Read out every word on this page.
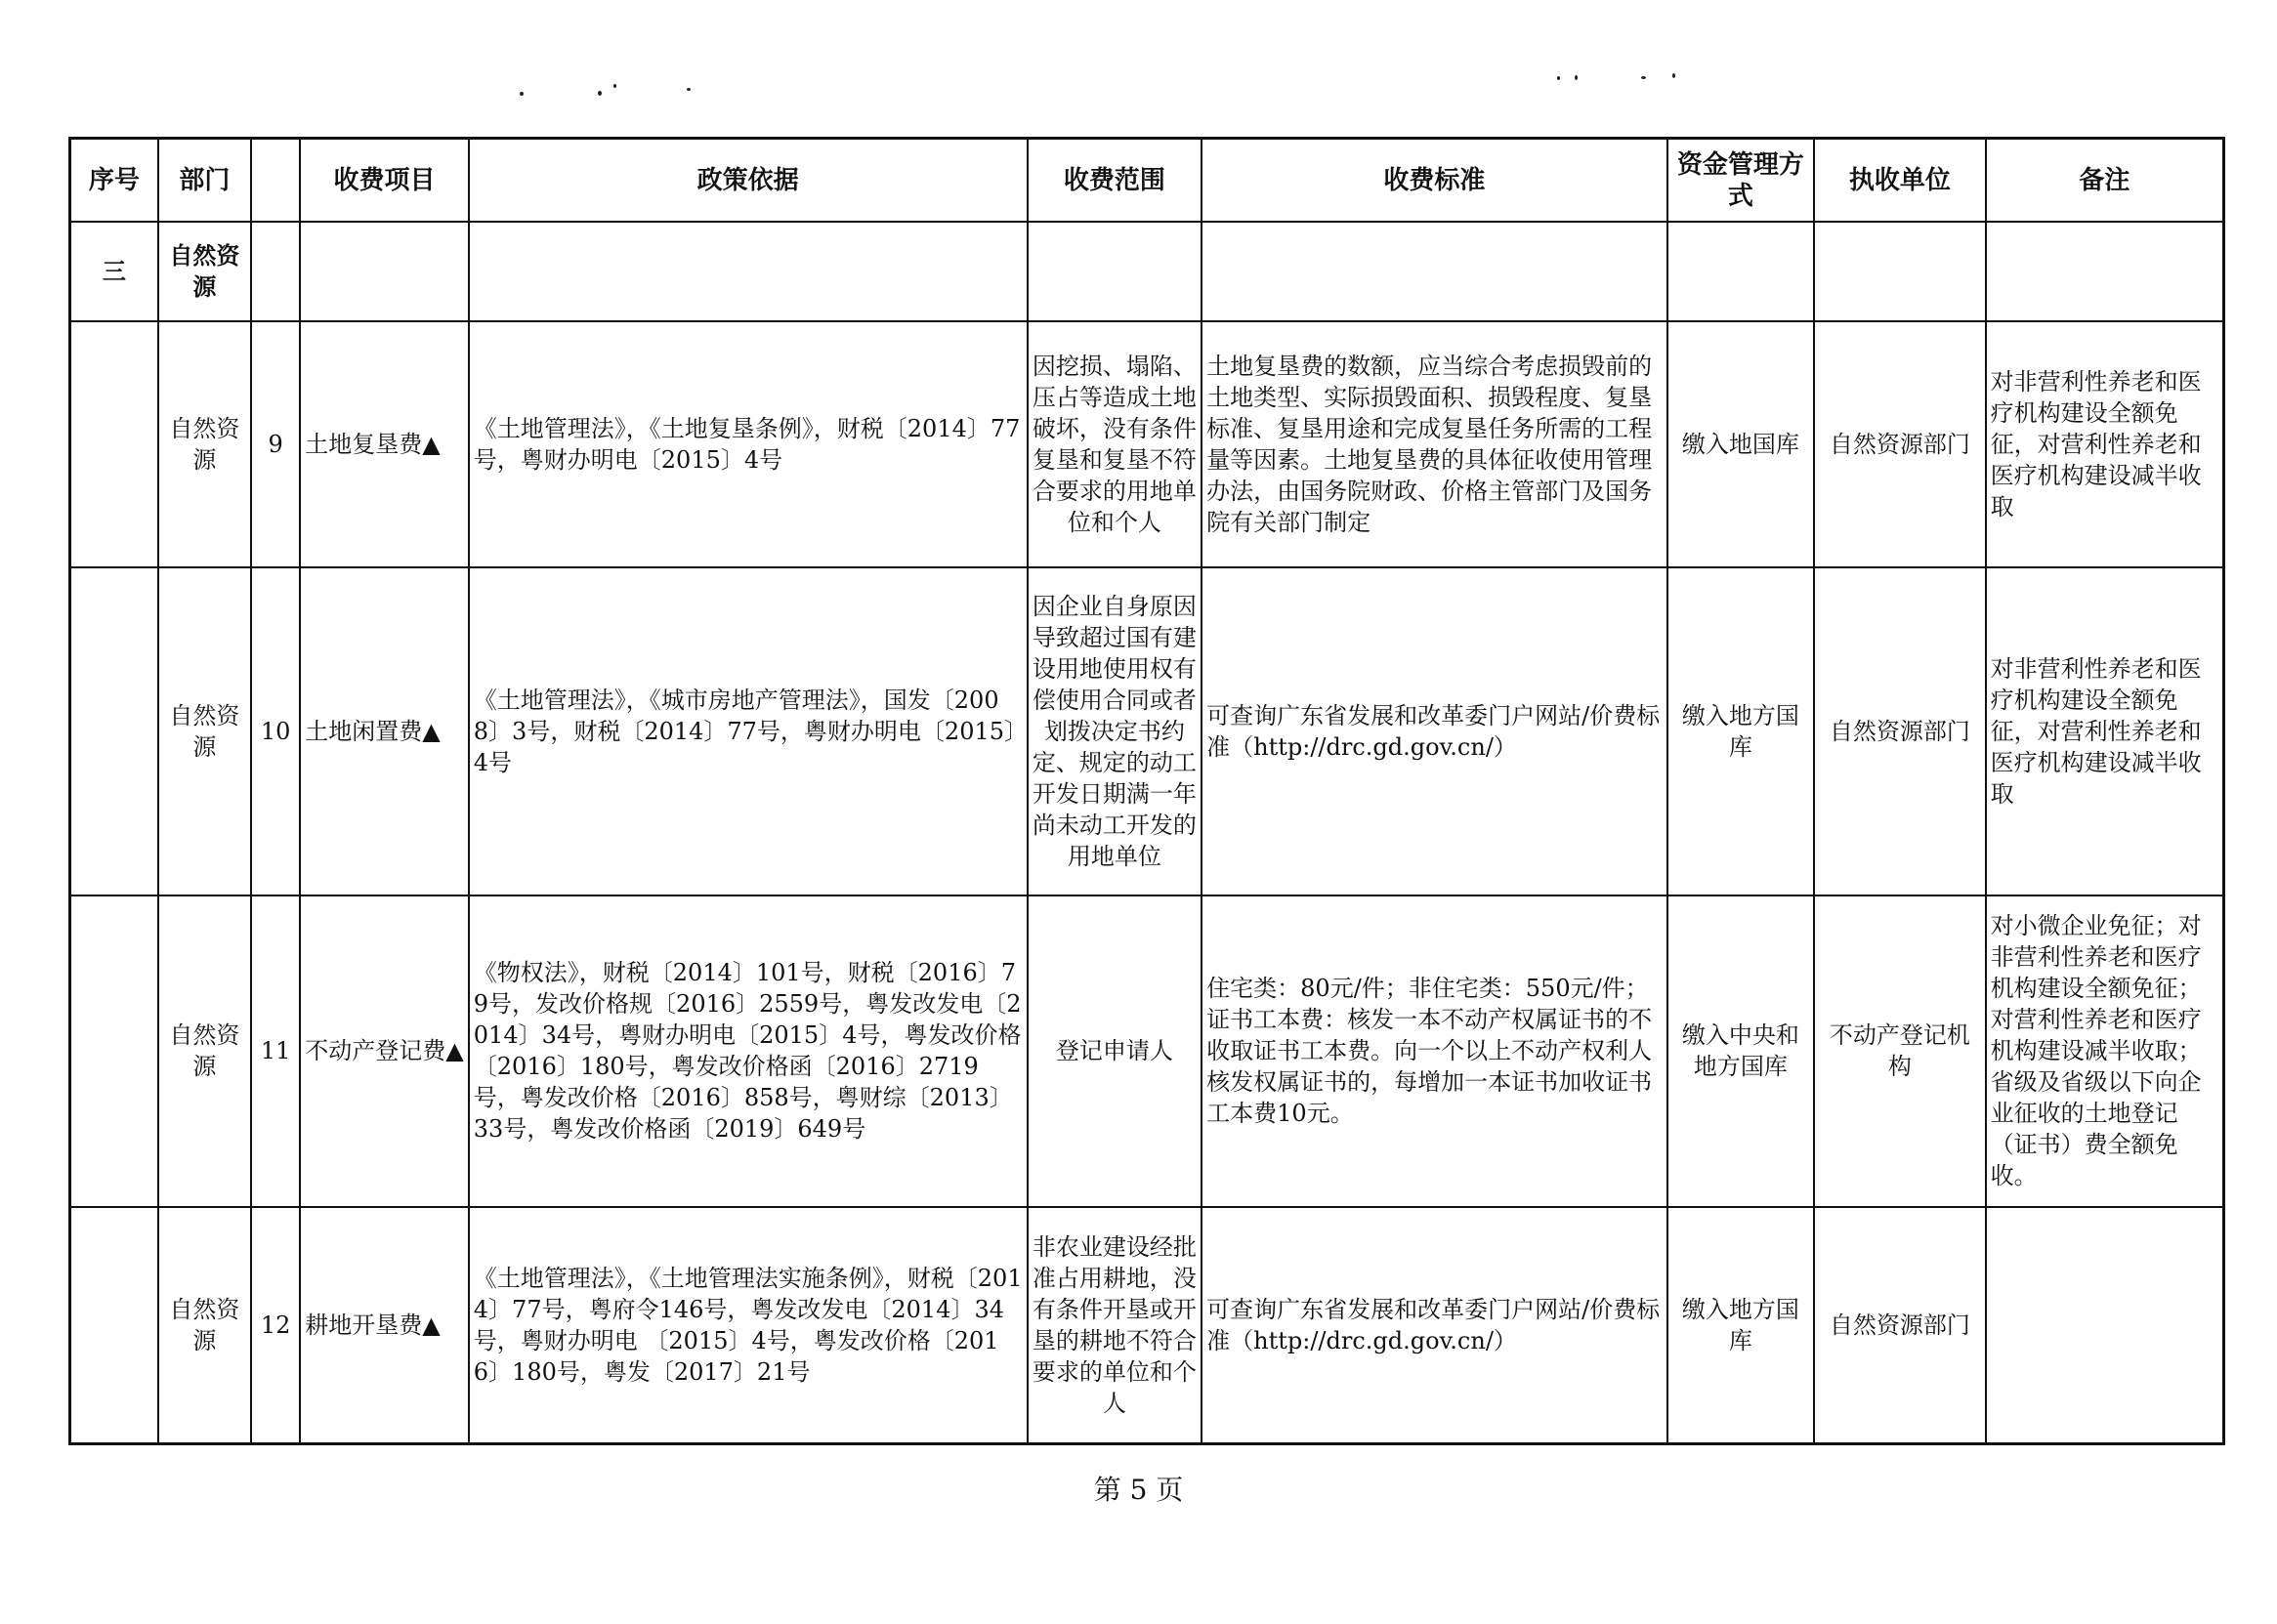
序号	部门		收费项目	政策依据	收费范围	收费标准	资金管理方式	执收单位	备注
三	自然资源								
	自然资源	9	土地复垦费▲	《土地管理法》，《土地复垦条例》，财税〔2014〕77号，粤财办明电〔2015〕4号	因挖损、塌陷、压占等造成土地破坏，没有条件复垦和复垦不符合要求的用地单位和个人	土地复垦费的数额，应当综合考虑损毁前的土地类型、实际损毁面积、损毁程度、复垦标准、复垦用途和完成复垦任务所需的工程量等因素。土地复垦费的具体征收使用管理办法，由国务院财政、价格主管部门及国务院有关部门制定	缴入地国库	自然资源部门	对非营利性养老和医疗机构建设全额免征，对营利性养老和医疗机构建设减半收取
	自然资源	10	土地闲置费▲	《土地管理法》，《城市房地产管理法》，国发〔2008〕3号，财税〔2014〕77号，粤财办明电〔2015〕4号	因企业自身原因导致超过国有建设用地使用权有偿使用合同或者划拨决定书约定、规定的动工开发日期满一年尚未动工开发的用地单位	可查询广东省发展和改革委门户网站/价费标准（http://drc.gd.gov.cn/）	缴入地方国库	自然资源部门	对非营利性养老和医疗机构建设全额免征，对营利性养老和医疗机构建设减半收取
	自然资源	11	不动产登记费▲	《物权法》，财税〔2014〕101号，财税〔2016〕79号，发改价格规〔2016〕2559号，粤发改发电〔2014〕34号，粤财办明电〔2015〕4号，粤发改价格〔2016〕180号，粤发改价格函〔2016〕2719号，粤发改价格〔2016〕858号，粤财综〔2013〕33号，粤发改价格函〔2019〕649号	登记申请人	住宅类：80元/件；非住宅类：550元/件；证书工本费：核发一本不动产权属证书的不收取证书工本费。向一个以上不动产权利人核发权属证书的，每增加一本证书加收证书工本费10元。	缴入中央和地方国库	不动产登记机构	对小微企业免征；对非营利性养老和医疗机构建设全额免征；对营利性养老和医疗机构建设减半收取；省级及省级以下向企业征收的土地登记（证书）费全额免收。
	自然资源	12	耕地开垦费▲	《土地管理法》，《土地管理法实施条例》，财税〔2014〕77号，粤府令146号，粤发改发电〔2014〕34号，粤财办明电 〔2015〕4号，粤发改价格〔2016〕180号，粤发〔2017〕21号	非农业建设经批准占用耕地，没有条件开垦或开垦的耕地不符合要求的单位和个人	可查询广东省发展和改革委门户网站/价费标准（http://drc.gd.gov.cn/）	缴入地方国库	自然资源部门	
第 5 页
